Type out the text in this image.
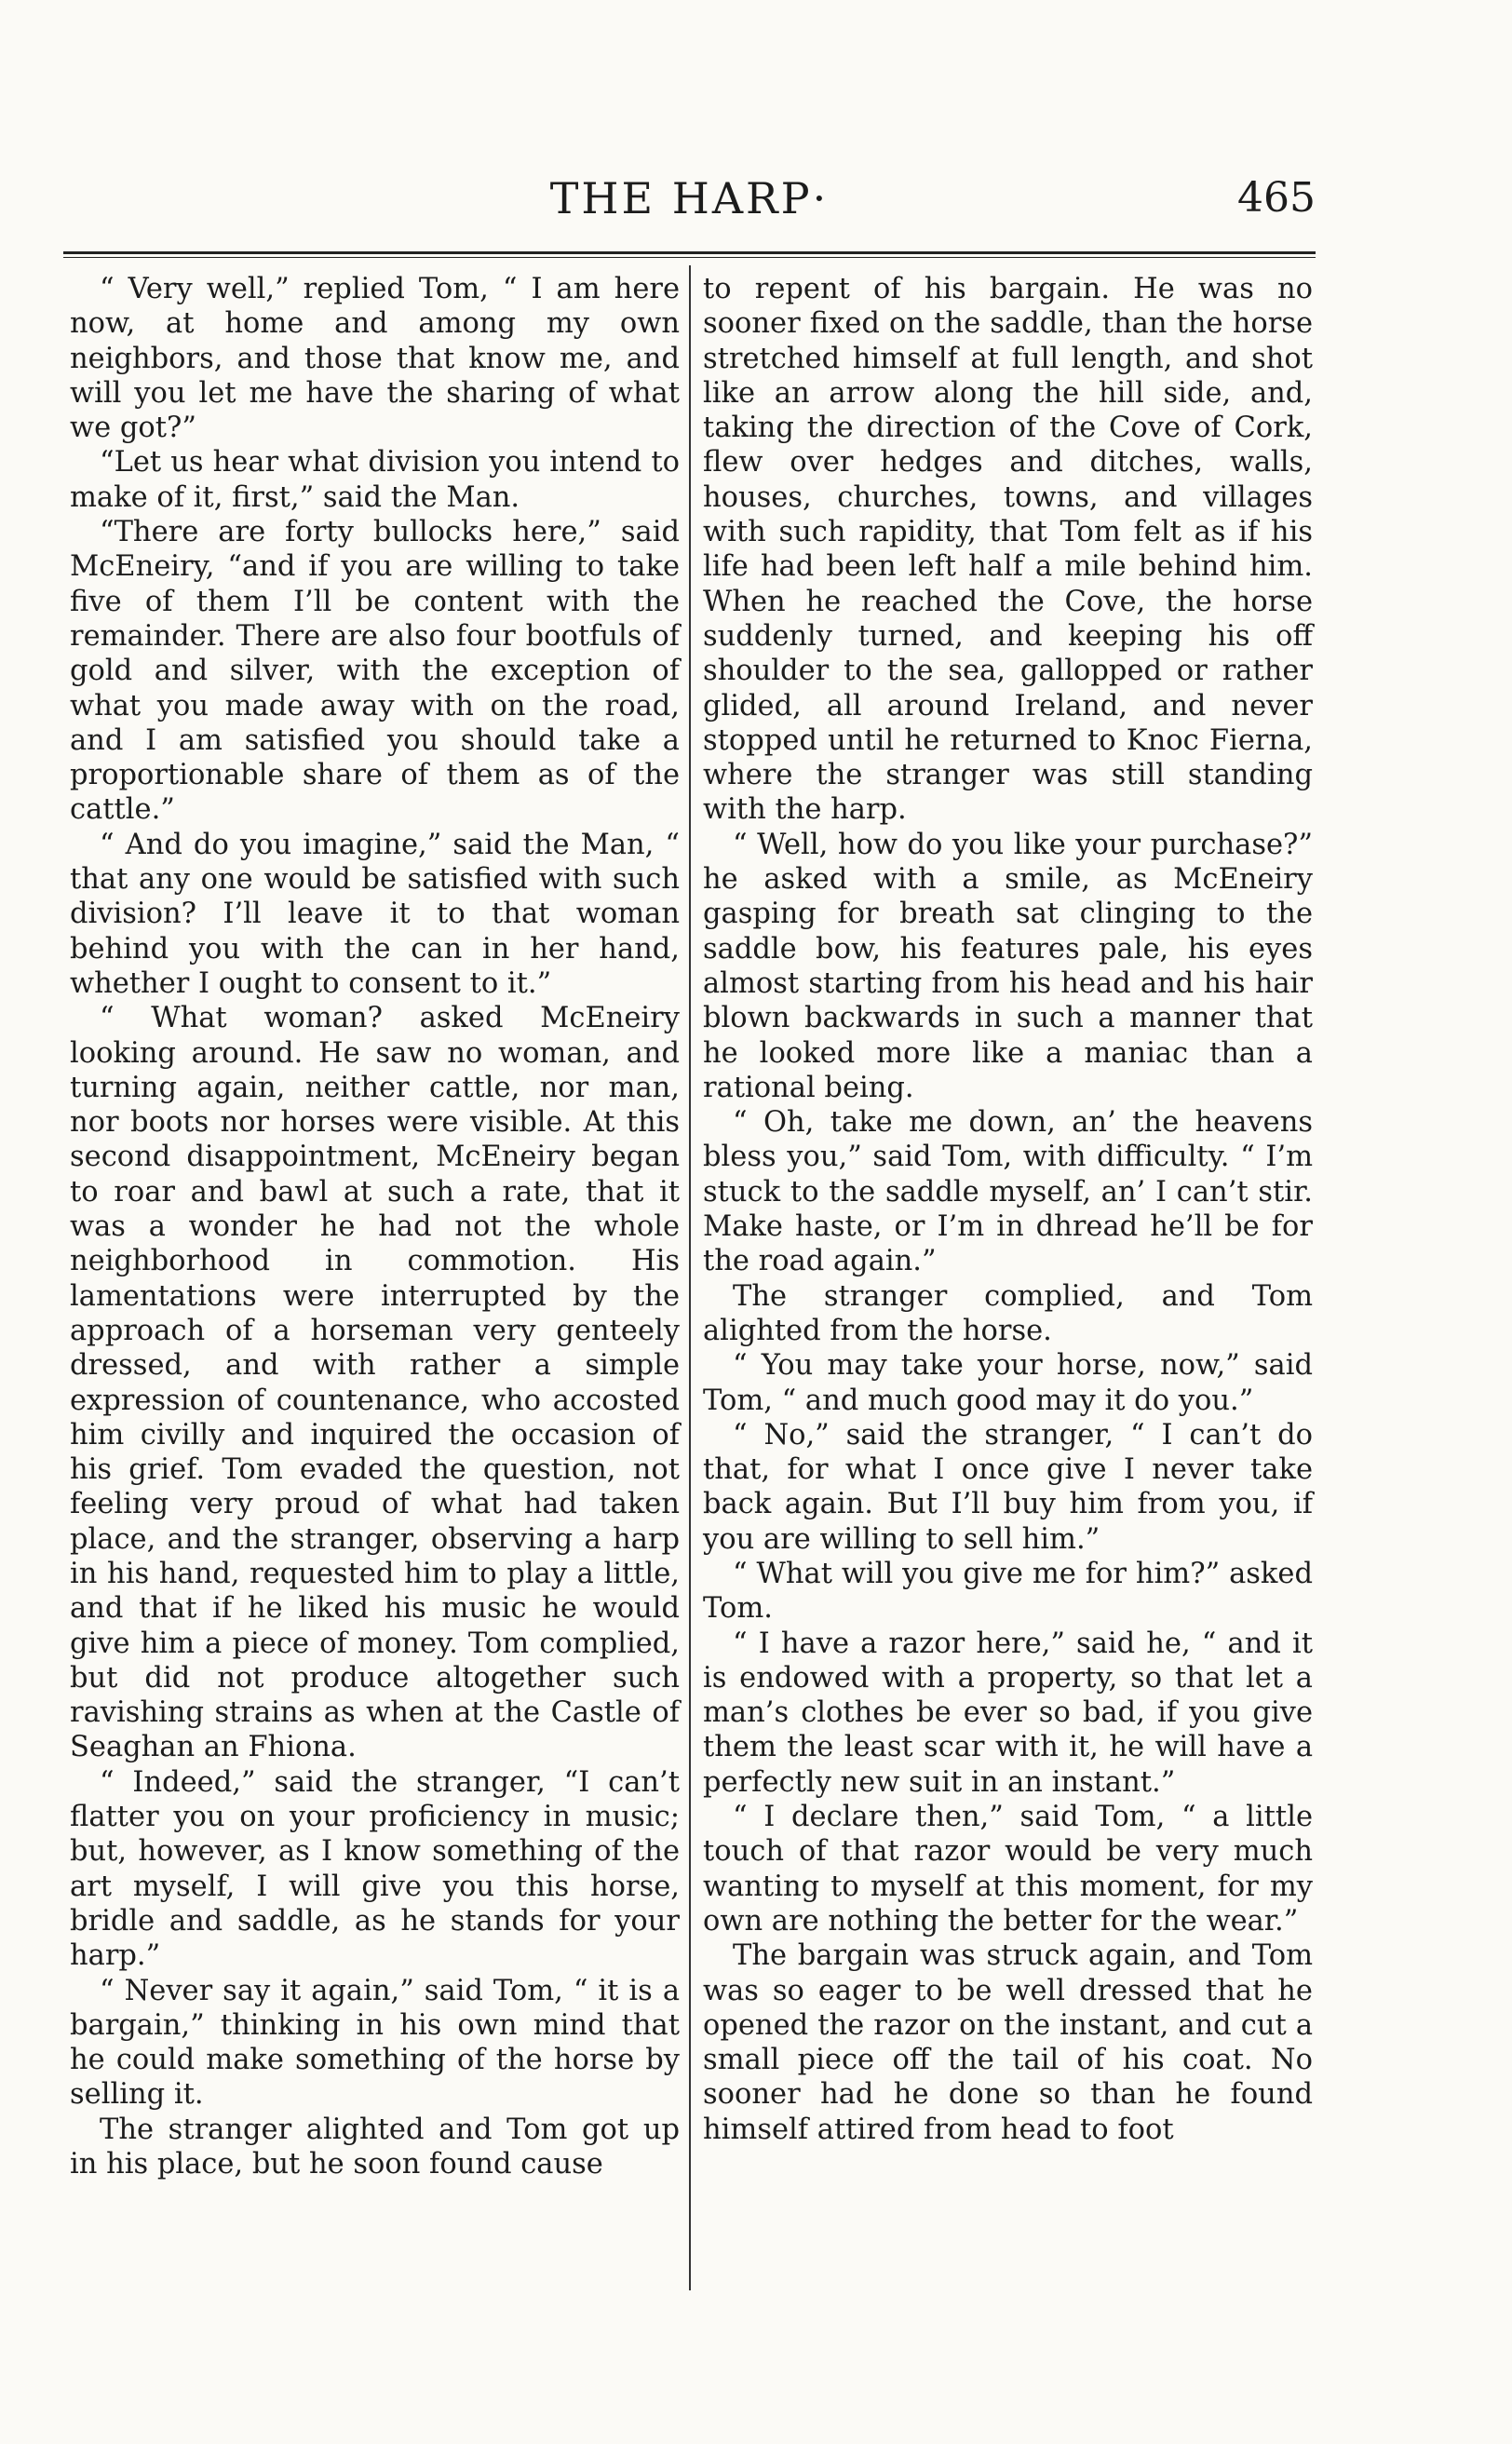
THE HARP·	465

“ Very well,” replied Tom, “ I am here now, at home and among my own neighbors, and those that know me, and will you let me have the sharing of what we got?”

“Let us hear what division you intend to make of it, first,” said the Man.

“There are forty bullocks here,” said McEneiry, “and if you are willing to take five of them I’ll be content with the remainder. There are also four bootfuls of gold and silver, with the exception of what you made away with on the road, and I am satisfied you should take a proportionable share of them as of the cattle.”

“ And do you imagine,” said the Man, “ that any one would be satisfied with such division? I’ll leave it to that woman behind you with the can in her hand, whether I ought to consent to it.”

“ What woman? asked McEneiry looking around. He saw no woman, and turning again, neither cattle, nor man, nor boots nor horses were visible. At this second disappointment, McEneiry began to roar and bawl at such a rate, that it was a wonder he had not the whole neighborhood in commotion. His lamentations were interrupted by the approach of a horseman very genteely dressed, and with rather a simple expression of countenance, who accosted him civilly and inquired the occasion of his grief. Tom evaded the question, not feeling very proud of what had taken place, and the stranger, observing a harp in his hand, requested him to play a little, and that if he liked his music he would give him a piece of money. Tom complied, but did not produce altogether such ravishing strains as when at the Castle of Seaghan an Fhiona.

“ Indeed,” said the stranger, “I can’t flatter you on your proficiency in music; but, however, as I know something of the art myself, I will give you this horse, bridle and saddle, as he stands for your harp.”

“ Never say it again,” said Tom, “ it is a bargain,” thinking in his own mind that he could make something of the horse by selling it.

The stranger alighted and Tom got up in his place, but he soon found cause

to repent of his bargain. He was no sooner fixed on the saddle, than the horse stretched himself at full length, and shot like an arrow along the hill side, and, taking the direction of the Cove of Cork, flew over hedges and ditches, walls, houses, churches, towns, and villages with such rapidity, that Tom felt as if his life had been left half a mile behind him. When he reached the Cove, the horse suddenly turned, and keeping his off shoulder to the sea, gallopped or rather glided, all around Ireland, and never stopped until he returned to Knoc Fierna, where the stranger was still standing with the harp.

“ Well, how do you like your purchase?” he asked with a smile, as McEneiry gasping for breath sat clinging to the saddle bow, his features pale, his eyes almost starting from his head and his hair blown backwards in such a manner that he looked more like a maniac than a rational being.

“ Oh, take me down, an’ the heavens bless you,” said Tom, with difficulty. “ I’m stuck to the saddle myself, an’ I can’t stir. Make haste, or I’m in dhread he’ll be for the road again.”

The stranger complied, and Tom alighted from the horse.

“ You may take your horse, now,” said Tom, “ and much good may it do you.”

“ No,” said the stranger, “ I can’t do that, for what I once give I never take back again. But I’ll buy him from you, if you are willing to sell him.”

“ What will you give me for him?” asked Tom.

“ I have a razor here,” said he, “ and it is endowed with a property, so that let a man’s clothes be ever so bad, if you give them the least scar with it, he will have a perfectly new suit in an instant.”

“ I declare then,” said Tom, “ a little touch of that razor would be very much wanting to myself at this moment, for my own are nothing the better for the wear.”

The bargain was struck again, and Tom was so eager to be well dressed that he opened the razor on the instant, and cut a small piece off the tail of his coat. No sooner had he done so than he found himself attired from head to foot
